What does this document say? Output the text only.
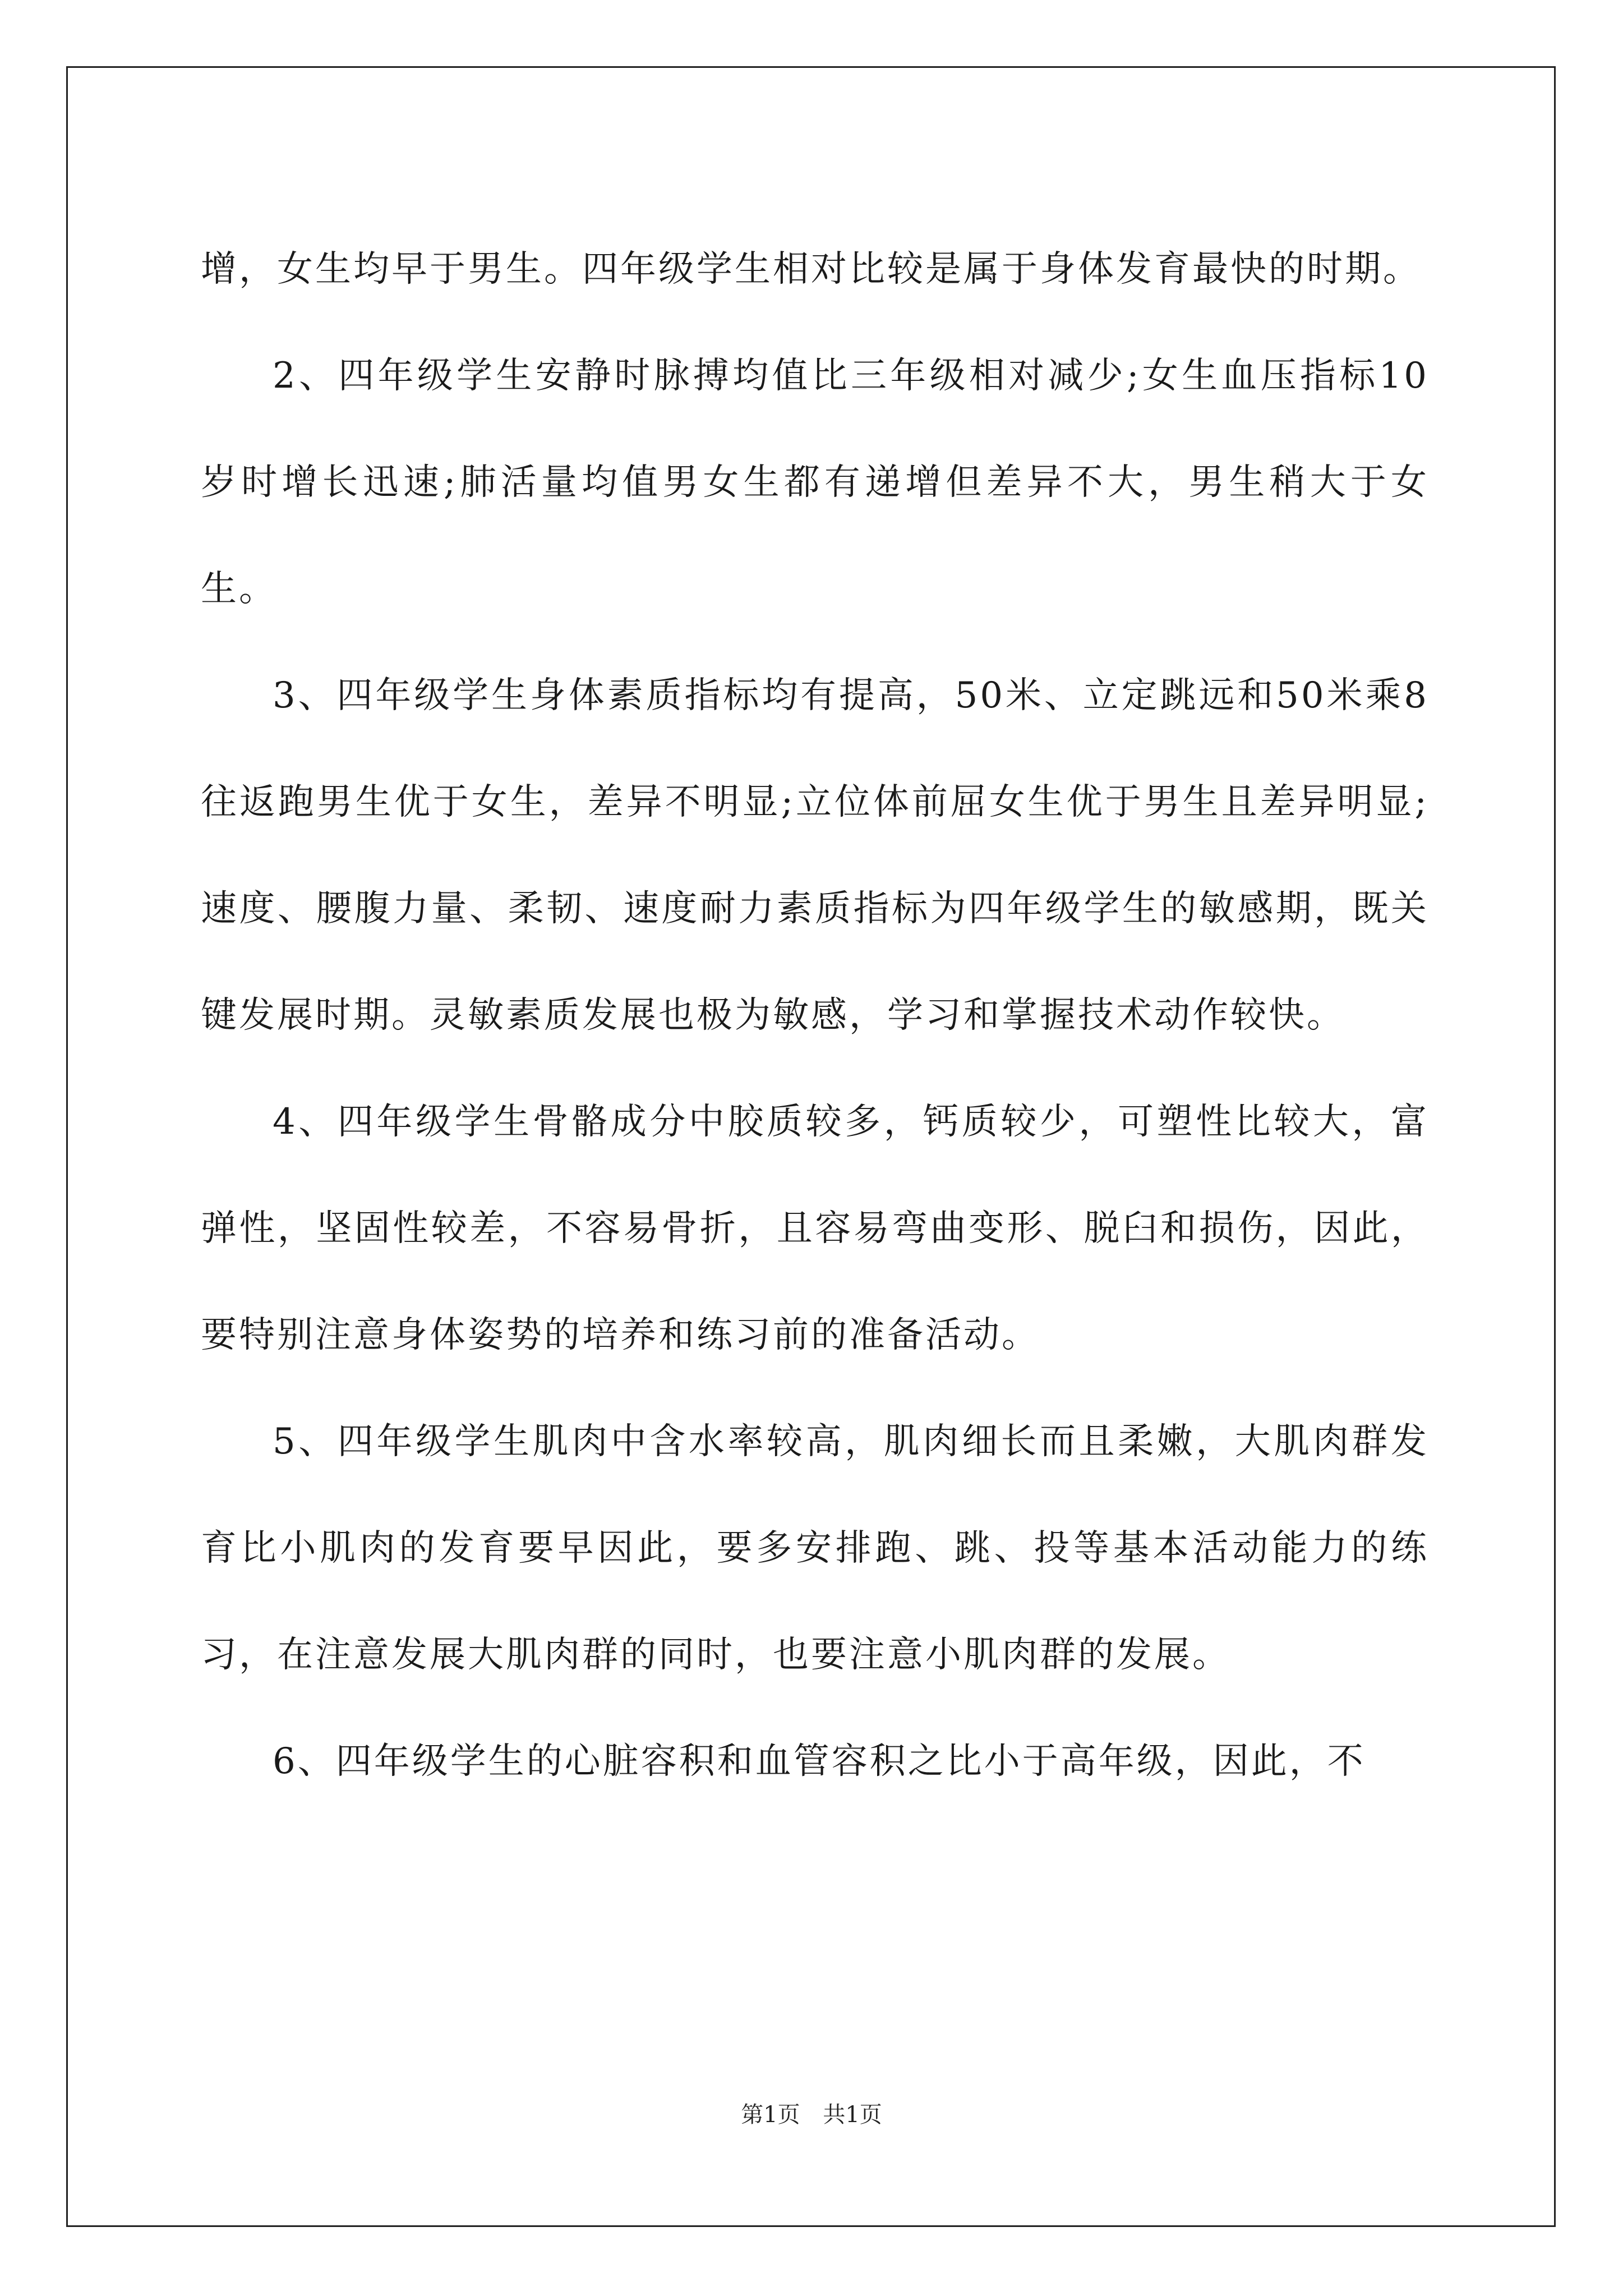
增，女生均早于男生。四年级学生相对比较是属于身体发育最快的时期。

2、四年级学生安静时脉搏均值比三年级相对减少;女生血压指标10岁时增长迅速;肺活量均值男女生都有递增但差异不大，男生稍大于女生。

3、四年级学生身体素质指标均有提高，50米、立定跳远和50米乘8往返跑男生优于女生，差异不明显;立位体前屈女生优于男生且差异明显;速度、腰腹力量、柔韧、速度耐力素质指标为四年级学生的敏感期，既关键发展时期。灵敏素质发展也极为敏感，学习和掌握技术动作较快。

4、四年级学生骨骼成分中胶质较多，钙质较少，可塑性比较大，富弹性，坚固性较差，不容易骨折，且容易弯曲变形、脱臼和损伤，因此，要特别注意身体姿势的培养和练习前的准备活动。

5、四年级学生肌肉中含水率较高，肌肉细长而且柔嫩，大肌肉群发育比小肌肉的发育要早因此，要多安排跑、跳、投等基本活动能力的练习，在注意发展大肌肉群的同时，也要注意小肌肉群的发展。

6、四年级学生的心脏容积和血管容积之比小于高年级，因此，不

第1页 共1页
